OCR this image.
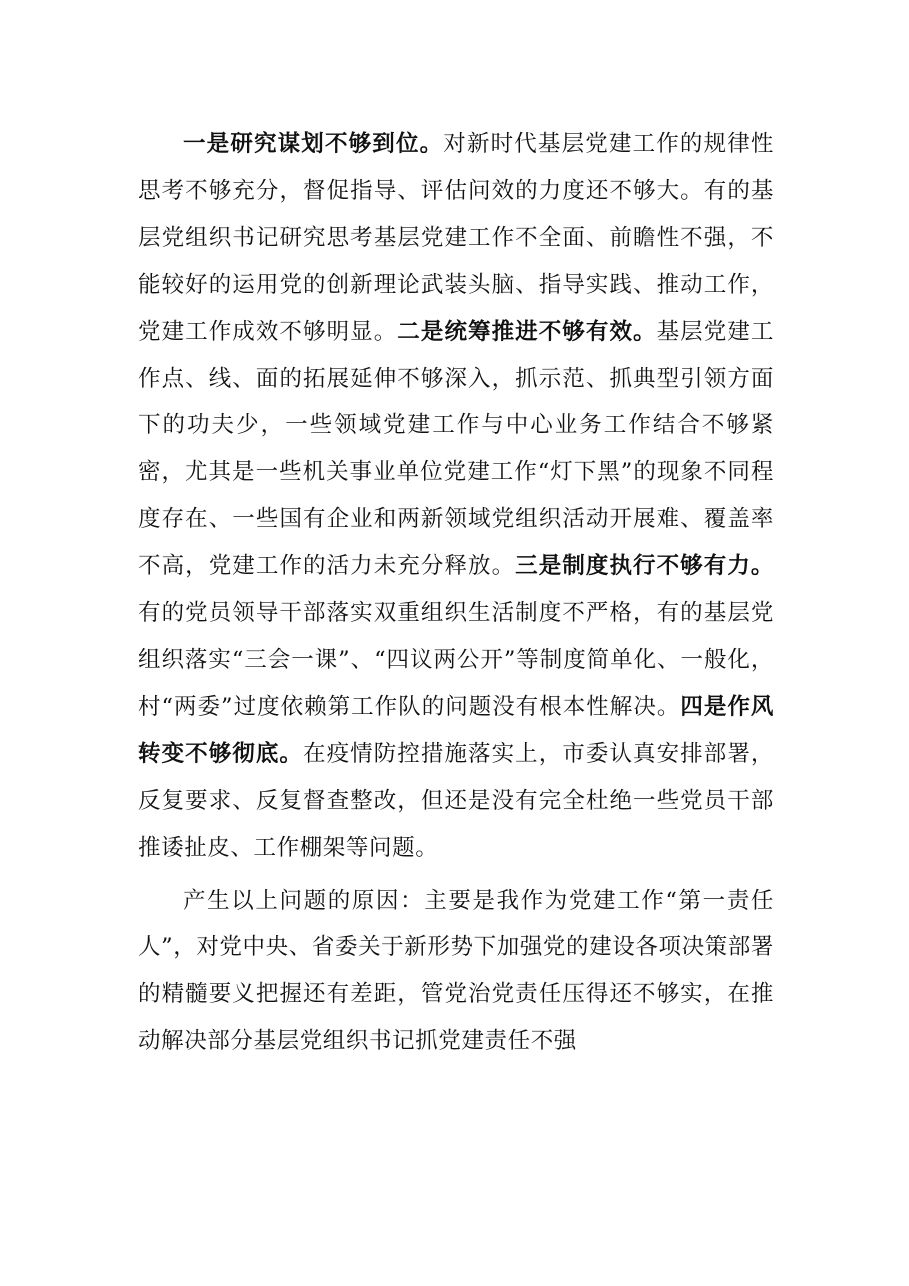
一是研究谋划不够到位。对新时代基层党建工作的规律性思考不够充分，督促指导、评估问效的力度还不够大。有的基层党组织书记研究思考基层党建工作不全面、前瞻性不强，不能较好的运用党的创新理论武装头脑、指导实践、推动工作，党建工作成效不够明显。二是统筹推进不够有效。基层党建工作点、线、面的拓展延伸不够深入，抓示范、抓典型引领方面下的功夫少，一些领域党建工作与中心业务工作结合不够紧密，尤其是一些机关事业单位党建工作“灯下黑”的现象不同程度存在、一些国有企业和两新领域党组织活动开展难、覆盖率不高，党建工作的活力未充分释放。三是制度执行不够有力。有的党员领导干部落实双重组织生活制度不严格，有的基层党组织落实“三会一课”、“四议两公开”等制度简单化、一般化，村“两委”过度依赖第工作队的问题没有根本性解决。四是作风转变不够彻底。在疫情防控措施落实上，市委认真安排部署，反复要求、反复督查整改，但还是没有完全杜绝一些党员干部推诿扯皮、工作棚架等问题。

产生以上问题的原因：主要是我作为党建工作“第一责任人”，对党中央、省委关于新形势下加强党的建设各项决策部署的精髓要义把握还有差距，管党治党责任压得还不够实，在推动解决部分基层党组织书记抓党建责任不强
